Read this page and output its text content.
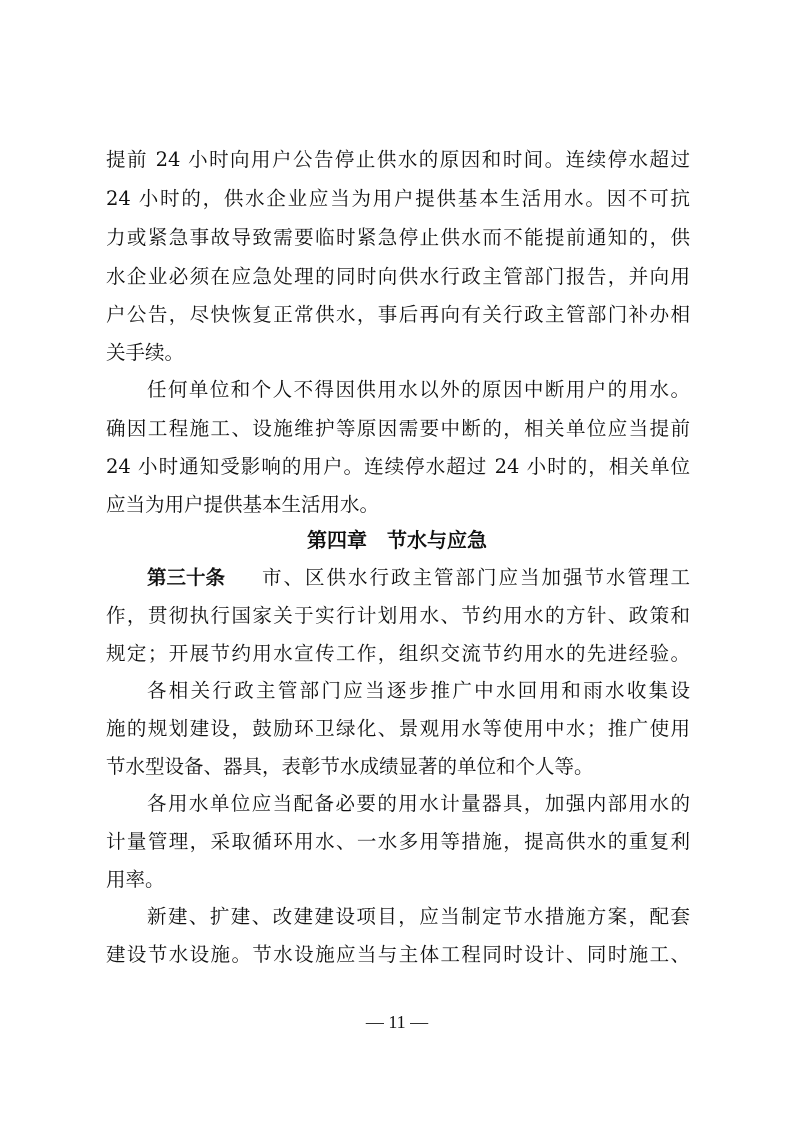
提前 24 小时向用户公告停止供水的原因和时间。连续停水超过
24 小时的，供水企业应当为用户提供基本生活用水。因不可抗
力或紧急事故导致需要临时紧急停止供水而不能提前通知的，供
水企业必须在应急处理的同时向供水行政主管部门报告，并向用
户公告，尽快恢复正常供水，事后再向有关行政主管部门补办相
关手续。
任何单位和个人不得因供用水以外的原因中断用户的用水。
确因工程施工、设施维护等原因需要中断的，相关单位应当提前
24 小时通知受影响的用户。连续停水超过 24 小时的，相关单位
应当为用户提供基本生活用水。
第四章　节水与应急
第三十条 市、区供水行政主管部门应当加强节水管理工
作，贯彻执行国家关于实行计划用水、节约用水的方针、政策和
规定；开展节约用水宣传工作，组织交流节约用水的先进经验。
各相关行政主管部门应当逐步推广中水回用和雨水收集设
施的规划建设，鼓励环卫绿化、景观用水等使用中水；推广使用
节水型设备、器具，表彰节水成绩显著的单位和个人等。
各用水单位应当配备必要的用水计量器具，加强内部用水的
计量管理，采取循环用水、一水多用等措施，提高供水的重复利
用率。
新建、扩建、改建建设项目，应当制定节水措施方案，配套
建设节水设施。节水设施应当与主体工程同时设计、同时施工、
— 11 —
